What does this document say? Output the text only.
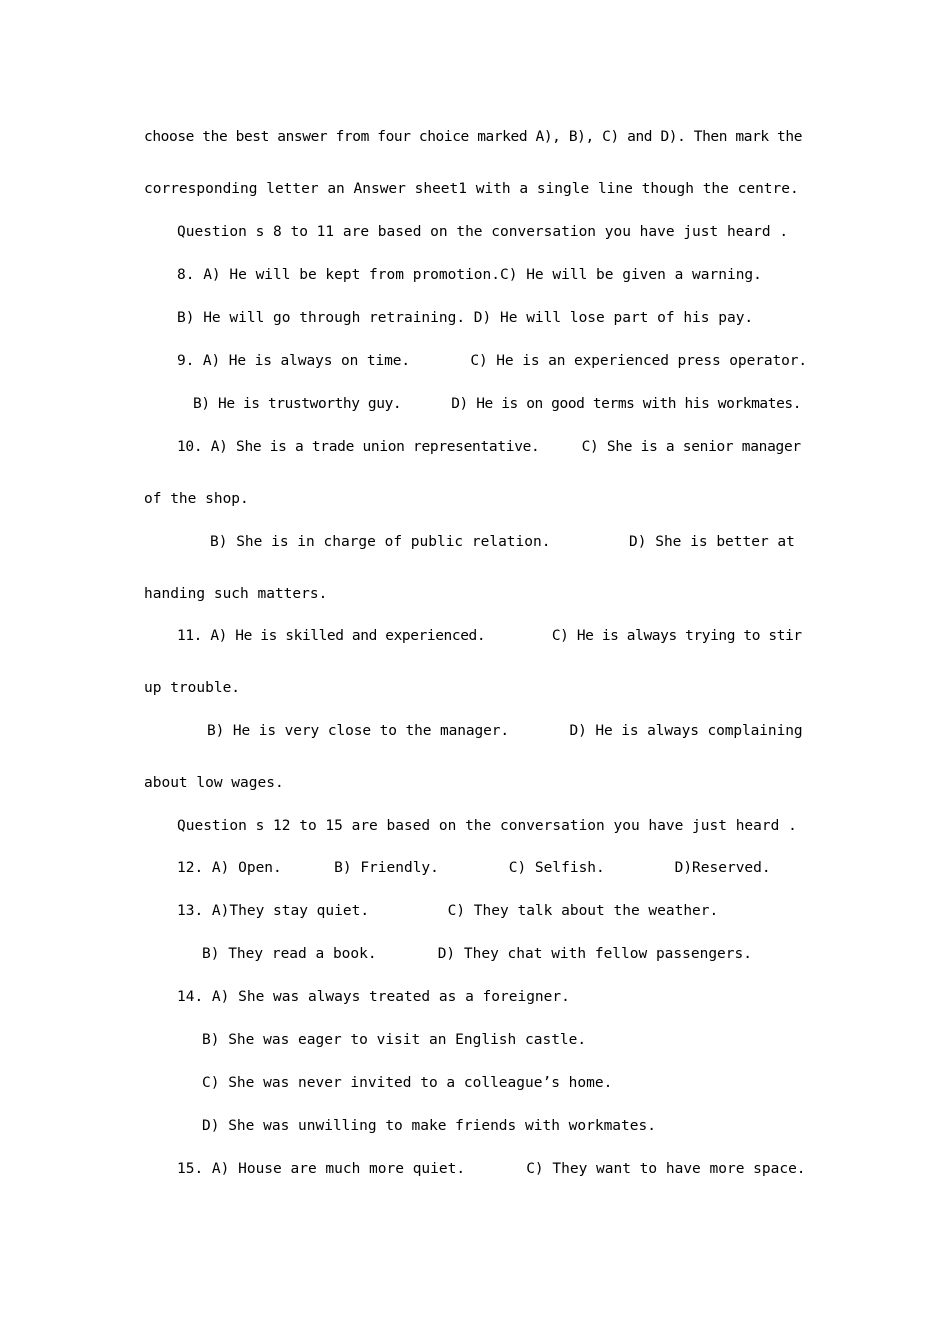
choose the best answer from four choice marked A), B), C) and D). Then mark the
corresponding letter an Answer sheet1 with a single line though the centre.
Question s 8 to 11 are based on the conversation you have just heard .
8. A) He will be kept from promotion.C) He will be given a warning.
B) He will go through retraining. D) He will lose part of his pay.
9. A) He is always on time.       C) He is an experienced press operator.
B) He is trustworthy guy.      D) He is on good terms with his workmates.
10. A) She is a trade union representative.     C) She is a senior manager
of the shop.
B) She is in charge of public relation.         D) She is better at
handing such matters.
11. A) He is skilled and experienced.        C) He is always trying to stir
up trouble.
B) He is very close to the manager.       D) He is always complaining
about low wages.
Question s 12 to 15 are based on the conversation you have just heard .
12. A) Open.      B) Friendly.        C) Selfish.        D)Reserved.
13. A)They stay quiet.         C) They talk about the weather.
B) They read a book.       D) They chat with fellow passengers.
14. A) She was always treated as a foreigner.
B) She was eager to visit an English castle.
C) She was never invited to a colleague’s home.
D) She was unwilling to make friends with workmates.
15. A) House are much more quiet.       C) They want to have more space.
